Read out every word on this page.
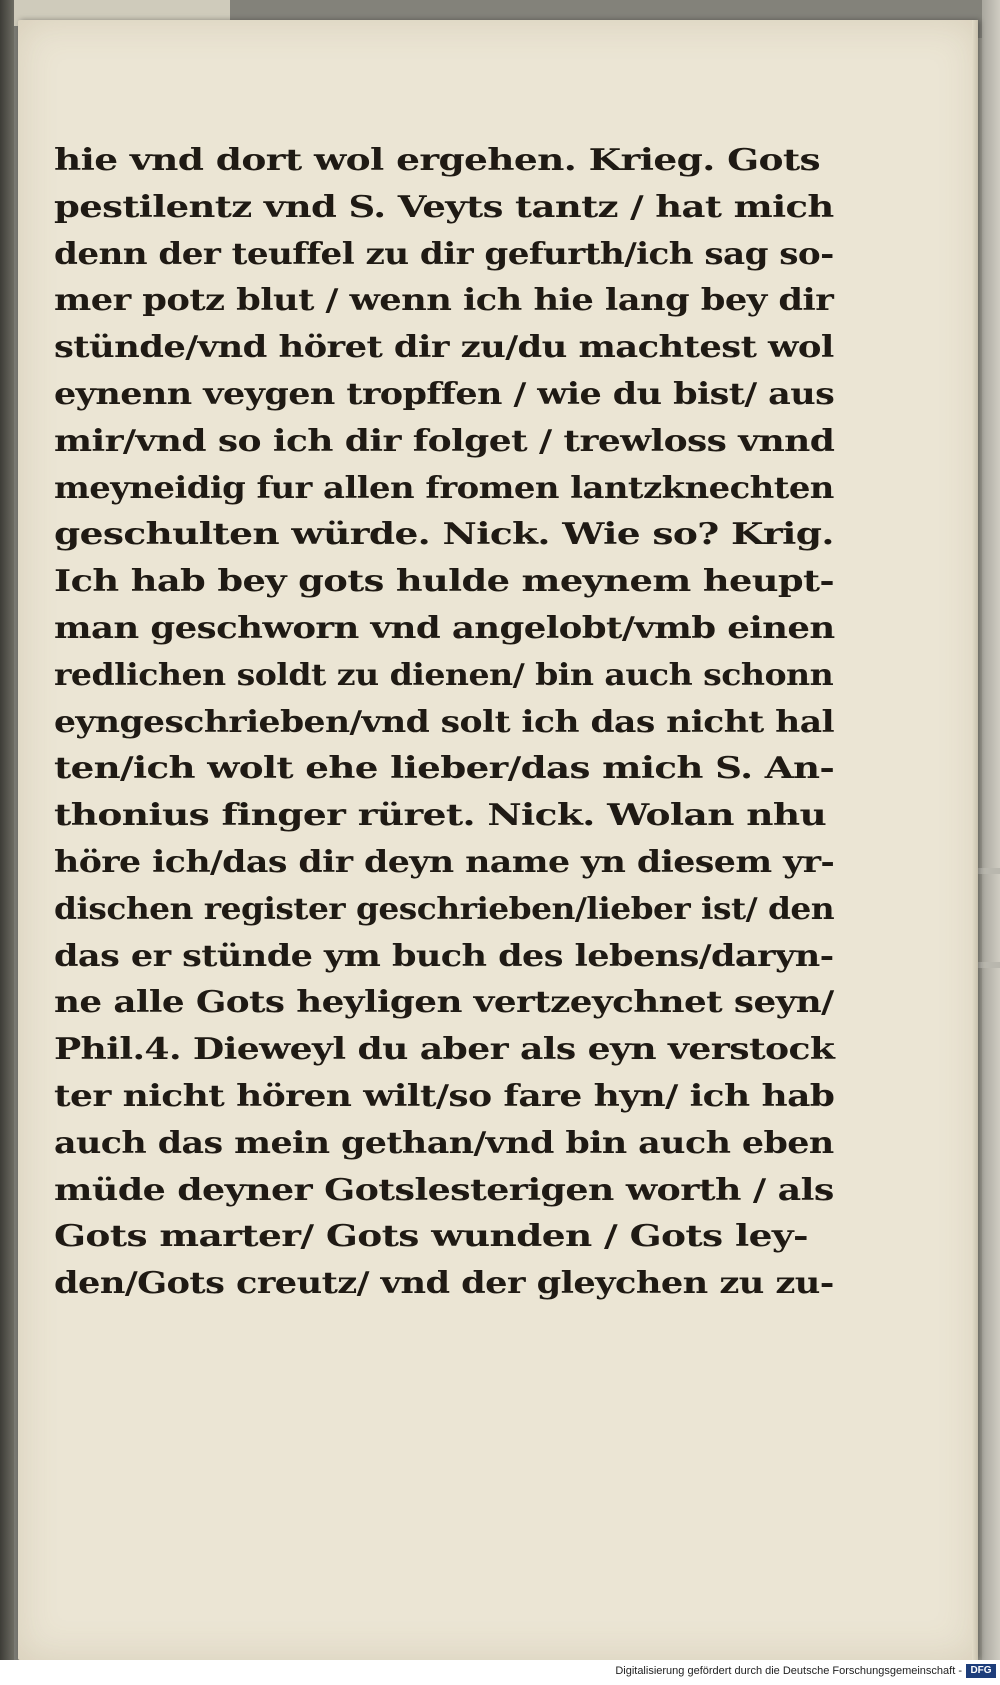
hie vnd dort wol ergehen. Krieg. Gots
pestilentz vnd S. Veyts tantz / hat mich
denn der teuffel zu dir gefurth/ich sag so-
mer potz blut / wenn ich hie lang bey dir
stünde/vnd höret dir zu/du machtest wol
eynenn veygen tropffen / wie du bist/ aus
mir/vnd so ich dir folget / trewloss vnnd
meyneidig fur allen fromen lantzknechten
geschulten würde. Nick. Wie so? Krig.
Ich hab bey gots hulde meynem heupt-
man geschworn vnd angelobt/vmb einen
redlichen soldt zu dienen/ bin auch schonn
eyngeschrieben/vnd solt ich das nicht hal
ten/ich wolt ehe lieber/das mich S. An-
thonius finger rüret. Nick. Wolan nhu
höre ich/das dir deyn name yn diesem yr-
dischen register geschrieben/lieber ist/ den
das er stünde ym buch des lebens/daryn-
ne alle Gots heyligen vertzeychnet seyn/
Phil.4. Dieweyl du aber als eyn verstock
ter nicht hören wilt/so fare hyn/ ich hab
auch das mein gethan/vnd bin auch eben
müde deyner Gotslesterigen worth / als
Gots marter/ Gots wunden / Gots ley-
den/Gots creutz/ vnd der gleychen zu zu-
Digitalisierung gefördert durch die Deutsche Forschungsgemeinschaft - DFG
